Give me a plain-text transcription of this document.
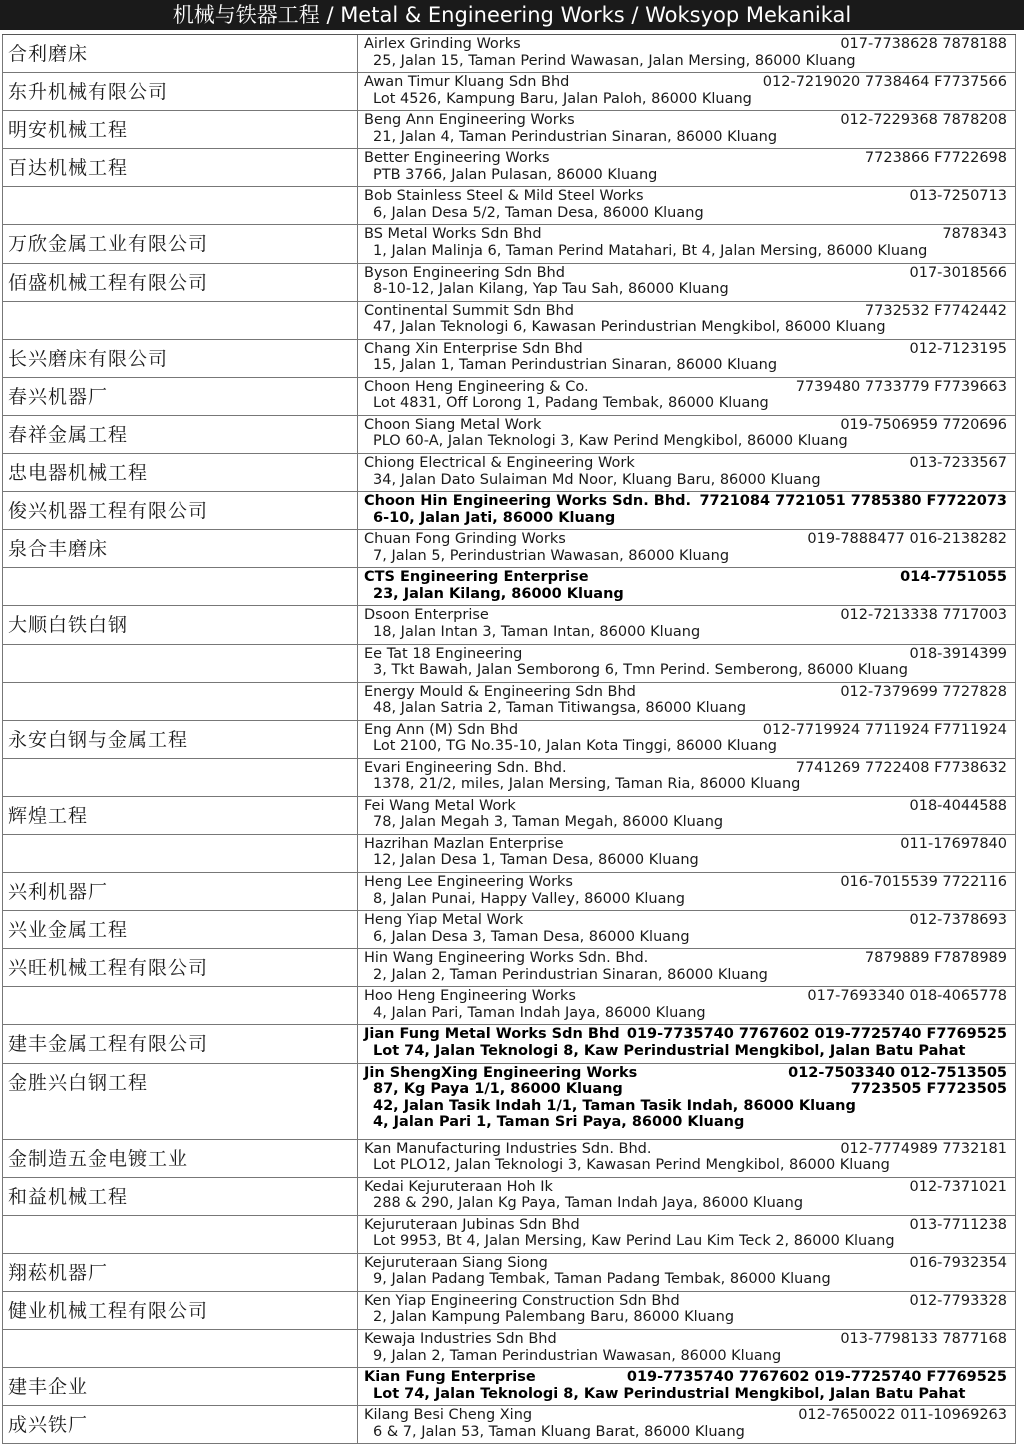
机械与铁器工程 / Metal & Engineering Works / Woksyop Mekanikal
合利磨床	Airlex Grinding Works	017-7738628 7878188
25, Jalan 15, Taman Perind Wawasan, Jalan Mersing, 86000 Kluang
东升机械有限公司	Awan Timur Kluang Sdn Bhd	012-7219020 7738464 F7737566
Lot 4526, Kampung Baru, Jalan Paloh, 86000 Kluang
明安机械工程	Beng Ann Engineering Works	012-7229368 7878208
21, Jalan 4, Taman Perindustrian Sinaran, 86000 Kluang
百达机械工程	Better Engineering Works	7723866 F7722698
PTB 3766, Jalan Pulasan, 86000 Kluang
Bob Stainless Steel & Mild Steel Works	013-7250713
6, Jalan Desa 5/2, Taman Desa, 86000 Kluang
万欣金属工业有限公司	BS Metal Works Sdn Bhd	7878343
1, Jalan Malinja 6, Taman Perind Matahari, Bt 4, Jalan Mersing, 86000 Kluang
佰盛机械工程有限公司	Byson Engineering Sdn Bhd	017-3018566
8-10-12, Jalan Kilang, Yap Tau Sah, 86000 Kluang
Continental Summit Sdn Bhd	7732532 F7742442
47, Jalan Teknologi 6, Kawasan Perindustrian Mengkibol, 86000 Kluang
长兴磨床有限公司	Chang Xin Enterprise Sdn Bhd	012-7123195
15, Jalan 1, Taman Perindustrian Sinaran, 86000 Kluang
春兴机器厂	Choon Heng Engineering & Co.	7739480 7733779 F7739663
Lot 4831, Off Lorong 1, Padang Tembak, 86000 Kluang
春祥金属工程	Choon Siang Metal Work	019-7506959 7720696
PLO 60-A, Jalan Teknologi 3, Kaw Perind Mengkibol, 86000 Kluang
忠电器机械工程	Chiong Electrical & Engineering Work	013-7233567
34, Jalan Dato Sulaiman Md Noor, Kluang Baru, 86000 Kluang
俊兴机器工程有限公司	Choon Hin Engineering Works Sdn. Bhd. 7721084 7721051 7785380 F7722073
6-10, Jalan Jati, 86000 Kluang
泉合丰磨床	Chuan Fong Grinding Works	019-7888477 016-2138282
7, Jalan 5, Perindustrian Wawasan, 86000 Kluang
CTS Engineering Enterprise	014-7751055
23, Jalan Kilang, 86000 Kluang
大顺白铁白钢	Dsoon Enterprise	012-7213338 7717003
18, Jalan Intan 3, Taman Intan, 86000 Kluang
Ee Tat 18 Engineering	018-3914399
3, Tkt Bawah, Jalan Semborong 6, Tmn Perind. Semberong, 86000 Kluang
Energy Mould & Engineering Sdn Bhd	012-7379699 7727828
48, Jalan Satria 2, Taman Titiwangsa, 86000 Kluang
永安白钢与金属工程	Eng Ann (M) Sdn Bhd	012-7719924 7711924 F7711924
Lot 2100, TG No.35-10, Jalan Kota Tinggi, 86000 Kluang
Evari Engineering Sdn. Bhd.	7741269 7722408 F7738632
1378, 21/2, miles, Jalan Mersing, Taman Ria, 86000 Kluang
辉煌工程	Fei Wang Metal Work	018-4044588
78, Jalan Megah 3, Taman Megah, 86000 Kluang
Hazrihan Mazlan Enterprise	011-17697840
12, Jalan Desa 1, Taman Desa, 86000 Kluang
兴利机器厂	Heng Lee Engineering Works	016-7015539 7722116
8, Jalan Punai, Happy Valley, 86000 Kluang
兴业金属工程	Heng Yiap Metal Work	012-7378693
6, Jalan Desa 3, Taman Desa, 86000 Kluang
兴旺机械工程有限公司	Hin Wang Engineering Works Sdn. Bhd.	7879889 F7878989
2, Jalan 2, Taman Perindustrian Sinaran, 86000 Kluang
Hoo Heng Engineering Works	017-7693340 018-4065778
4, Jalan Pari, Taman Indah Jaya, 86000 Kluang
建丰金属工程有限公司	Jian Fung Metal Works Sdn Bhd 019-7735740 7767602 019-7725740 F7769525
Lot 74, Jalan Teknologi 8, Kaw Perindustrial Mengkibol, Jalan Batu Pahat
金胜兴白钢工程	Jin ShengXing Engineering Works	012-7503340 012-7513505
87, Kg Paya 1/1, 86000 Kluang	7723505 F7723505
42, Jalan Tasik Indah 1/1, Taman Tasik Indah, 86000 Kluang
4, Jalan Pari 1, Taman Sri Paya, 86000 Kluang
金制造五金电镀工业	Kan Manufacturing Industries Sdn. Bhd.	012-7774989 7732181
Lot PLO12, Jalan Teknologi 3, Kawasan Perind Mengkibol, 86000 Kluang
和益机械工程	Kedai Kejuruteraan Hoh Ik	012-7371021
288 & 290, Jalan Kg Paya, Taman Indah Jaya, 86000 Kluang
Kejuruteraan Jubinas Sdn Bhd	013-7711238
Lot 9953, Bt 4, Jalan Mersing, Kaw Perind Lau Kim Teck 2, 86000 Kluang
翔菘机器厂	Kejuruteraan Siang Siong	016-7932354
9, Jalan Padang Tembak, Taman Padang Tembak, 86000 Kluang
健业机械工程有限公司	Ken Yiap Engineering Construction Sdn Bhd	012-7793328
2, Jalan Kampung Palembang Baru, 86000 Kluang
Kewaja Industries Sdn Bhd	013-7798133 7877168
9, Jalan 2, Taman Perindustrian Wawasan, 86000 Kluang
建丰企业	Kian Fung Enterprise	019-7735740 7767602 019-7725740 F7769525
Lot 74, Jalan Teknologi 8, Kaw Perindustrial Mengkibol, Jalan Batu Pahat
成兴铁厂	Kilang Besi Cheng Xing	012-7650022 011-10969263
6 & 7, Jalan 53, Taman Kluang Barat, 86000 Kluang
